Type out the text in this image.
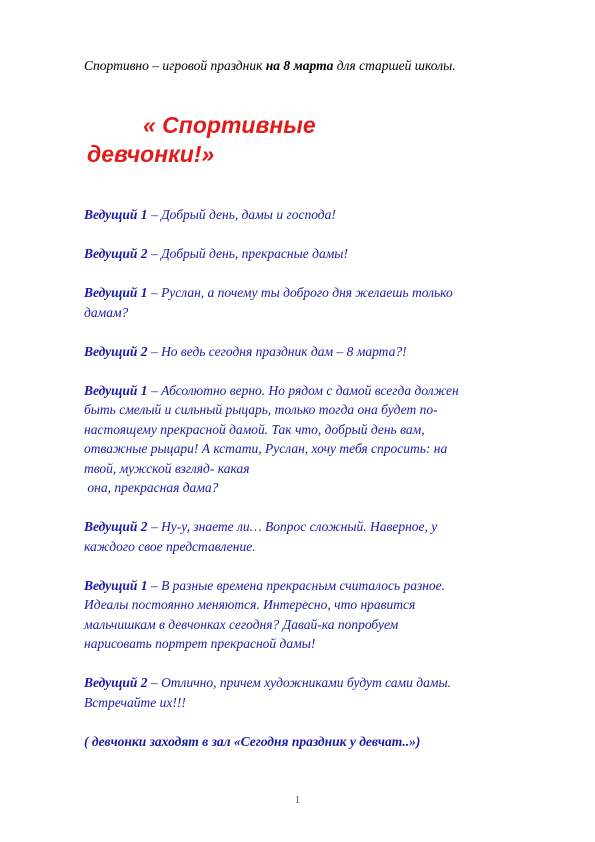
Спортивно – игровой праздник на 8 марта для старшей школы.

« Спортивные
девчонки!»

Ведущий 1 – Добрый день, дамы и господа!

Ведущий 2 – Добрый день, прекрасные дамы!

Ведущий 1 – Руслан, а почему ты доброго дня желаешь только
дамам?

Ведущий 2 – Но ведь сегодня праздник дам – 8 марта?!

Ведущий 1 – Абсолютно верно. Но рядом с дамой всегда должен
быть смелый и сильный рыцарь, только тогда она будет по-
настоящему прекрасной дамой. Так что, добрый день вам,
отважные рыцари! А кстати, Руслан, хочу тебя спросить: на
твой, мужской взгляд- какая
она, прекрасная дама?

Ведущий 2 – Ну-у, знаете ли… Вопрос сложный. Наверное, у
каждого свое представление.

Ведущий 1 – В разные времена прекрасным считалось разное.
Идеалы постоянно меняются. Интересно, что нравится
мальчишкам в девчонках сегодня? Давай-ка попробуем
нарисовать портрет прекрасной дамы!

Ведущий 2 – Отлично, причем художниками будут сами дамы.
Встречайте их!!!

( девчонки заходят в зал «Сегодня праздник у девчат..»)

1
